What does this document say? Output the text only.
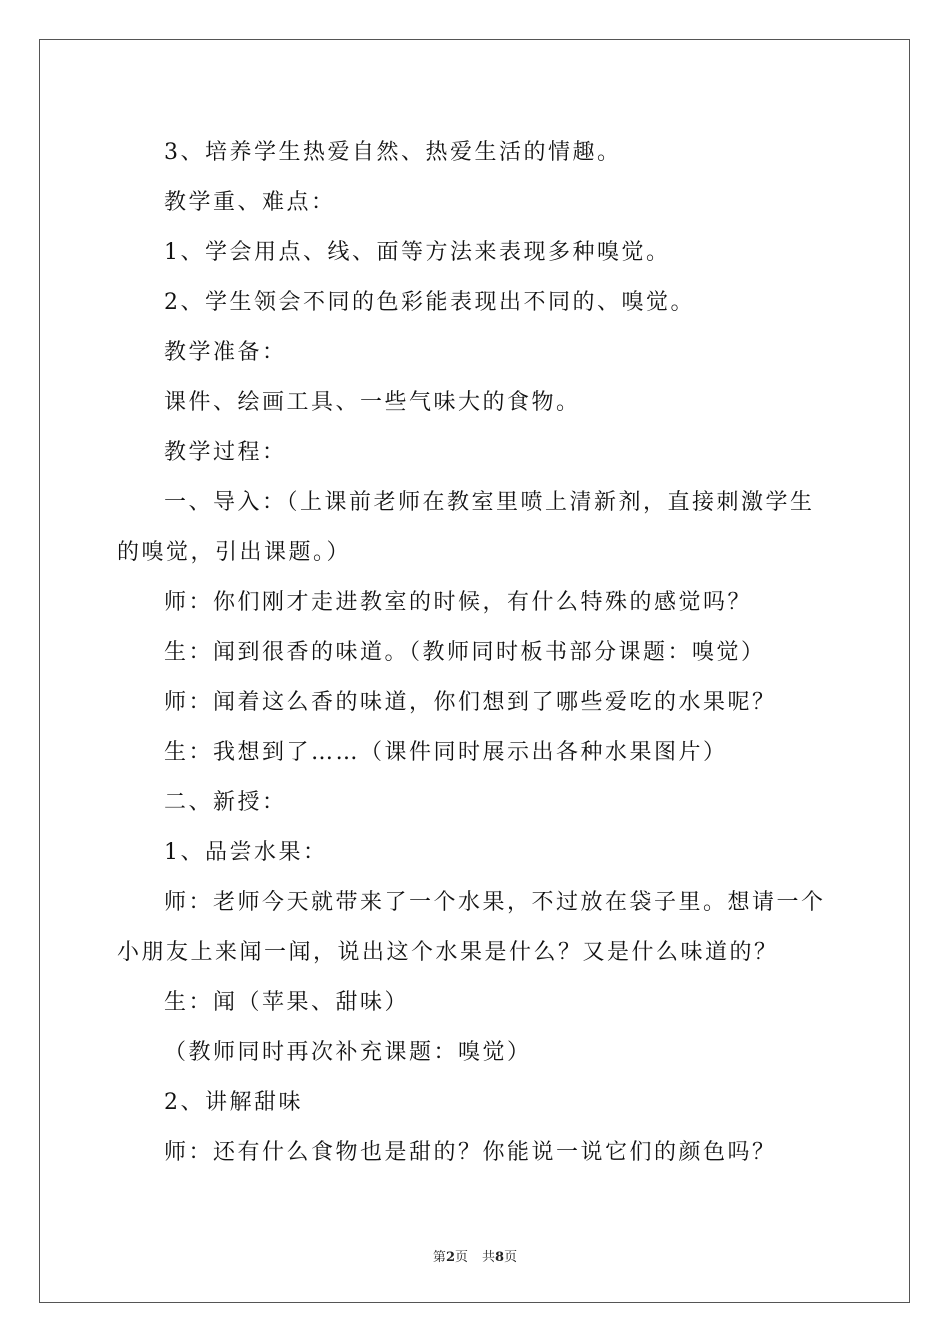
3、培养学生热爱自然、热爱生活的情趣。

教学重、难点：

1、学会用点、线、面等方法来表现多种嗅觉。

2、学生领会不同的色彩能表现出不同的、嗅觉。

教学准备：

课件、绘画工具、一些气味大的食物。

教学过程：

一、导入：（上课前老师在教室里喷上清新剂，直接刺激学生的嗅觉，引出课题。）

师：你们刚才走进教室的时候，有什么特殊的感觉吗？

生：闻到很香的味道。（教师同时板书部分课题：嗅觉）

师：闻着这么香的味道，你们想到了哪些爱吃的水果呢？

生：我想到了……（课件同时展示出各种水果图片）

二、新授：

1、品尝水果：

师：老师今天就带来了一个水果，不过放在袋子里。想请一个小朋友上来闻一闻，说出这个水果是什么？又是什么味道的？

生：闻（苹果、甜味）

（教师同时再次补充课题：嗅觉）

2、讲解甜味

师：还有什么食物也是甜的？你能说一说它们的颜色吗？

第2页 共8页
